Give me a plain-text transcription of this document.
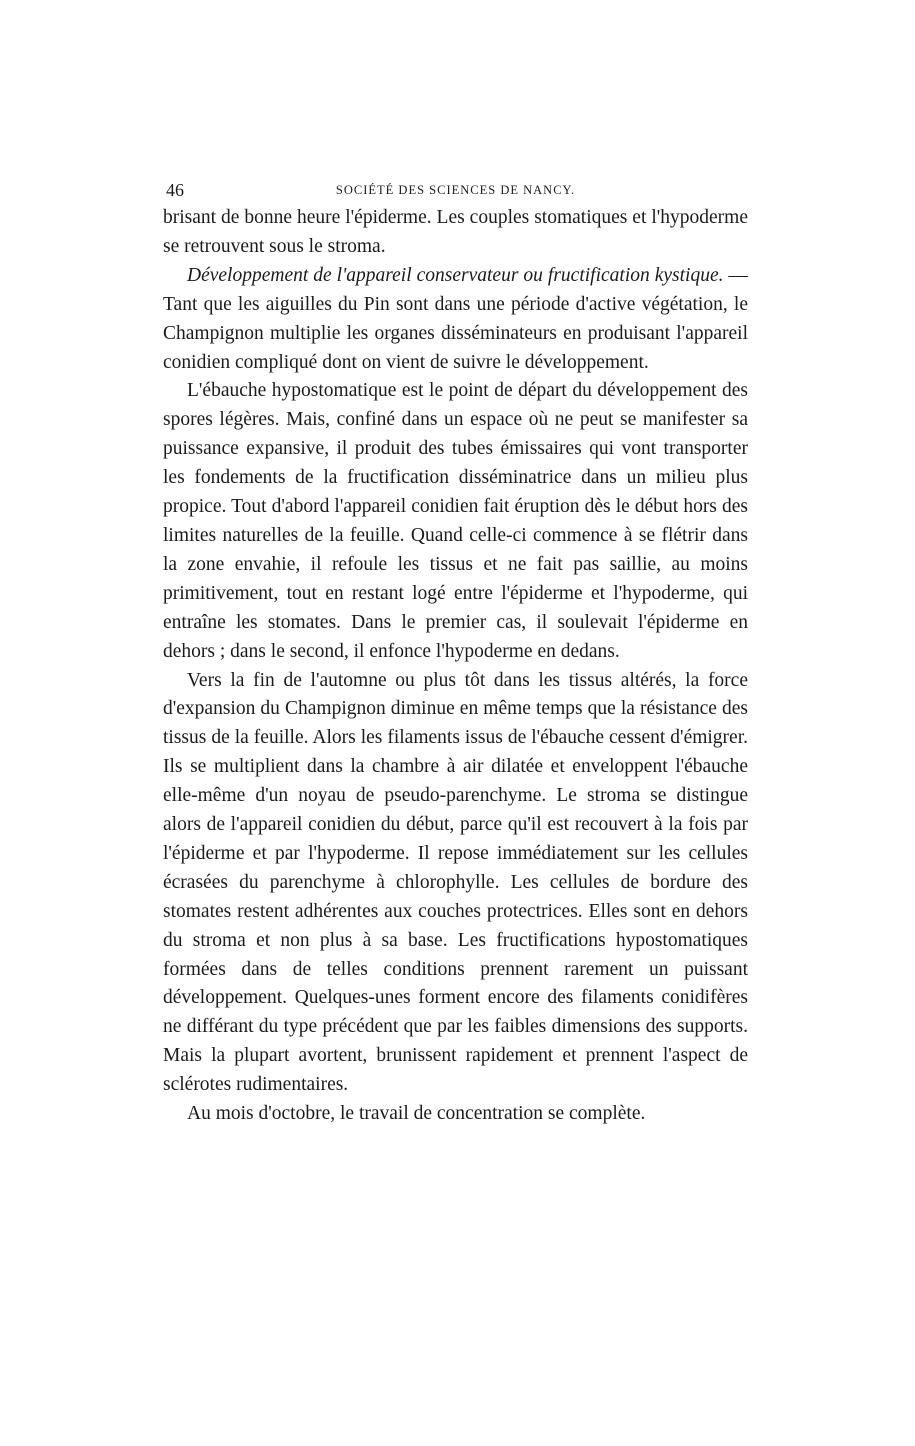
46	SOCIÉTÉ DES SCIENCES DE NANCY.

brisant de bonne heure l'épiderme. Les couples stomatiques et l'hypoderme se retrouvent sous le stroma.

Développement de l'appareil conservateur ou fructification kystique. — Tant que les aiguilles du Pin sont dans une période d'active végétation, le Champignon multiplie les organes disséminateurs en produisant l'appareil conidien compliqué dont on vient de suivre le développement.

L'ébauche hypostomatique est le point de départ du développement des spores légères. Mais, confiné dans un espace où ne peut se manifester sa puissance expansive, il produit des tubes émissaires qui vont transporter les fondements de la fructification disséminatrice dans un milieu plus propice. Tout d'abord l'appareil conidien fait éruption dès le début hors des limites naturelles de la feuille. Quand celle-ci commence à se flétrir dans la zone envahie, il refoule les tissus et ne fait pas saillie, au moins primitivement, tout en restant logé entre l'épiderme et l'hypoderme, qui entraîne les stomates. Dans le premier cas, il soulevait l'épiderme en dehors ; dans le second, il enfonce l'hypoderme en dedans.

Vers la fin de l'automne ou plus tôt dans les tissus altérés, la force d'expansion du Champignon diminue en même temps que la résistance des tissus de la feuille. Alors les filaments issus de l'ébauche cessent d'émigrer. Ils se multiplient dans la chambre à air dilatée et enveloppent l'ébauche elle-même d'un noyau de pseudo-parenchyme. Le stroma se distingue alors de l'appareil conidien du début, parce qu'il est recouvert à la fois par l'épiderme et par l'hypoderme. Il repose immédiatement sur les cellules écrasées du parenchyme à chlorophylle. Les cellules de bordure des stomates restent adhérentes aux couches protectrices. Elles sont en dehors du stroma et non plus à sa base. Les fructifications hypostomatiques formées dans de telles conditions prennent rarement un puissant développement. Quelques-unes forment encore des filaments conidifères ne différant du type précédent que par les faibles dimensions des supports. Mais la plupart avortent, brunissent rapidement et prennent l'aspect de sclérotes rudimentaires.

Au mois d'octobre, le travail de concentration se complète.
